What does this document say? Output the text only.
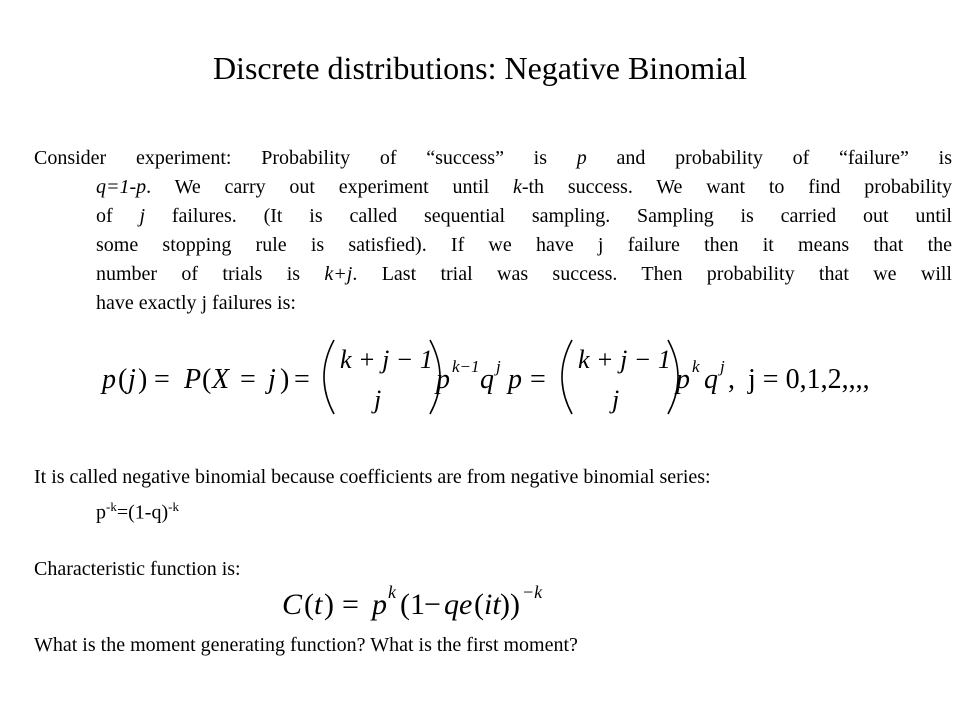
Discrete distributions: Negative Binomial
Consider experiment: Probability of “success” is p and probability of “failure” is
q=1-p. We carry out experiment until k-th success. We want to find probability
of j failures. (It is called sequential sampling. Sampling is carried out until
some stopping rule is satisfied). If we have j failure then it means that the
number of trials is k+j. Last trial was success. Then probability that we will
have exactly j failures is:
p ( j ) = P ( X = j ) =
k + j − 1
j
p k−1 q j p =
k + j − 1
j
p k q j , j = 0,1,2,,,,
It is called negative binomial because coefficients are from negative binomial series:
$p^{-k}=(1-q)^{-k}$
Characteristic function is:
C ( t ) = p k (1 − qe ( it )) −k
What is the moment generating function? What is the first moment?
